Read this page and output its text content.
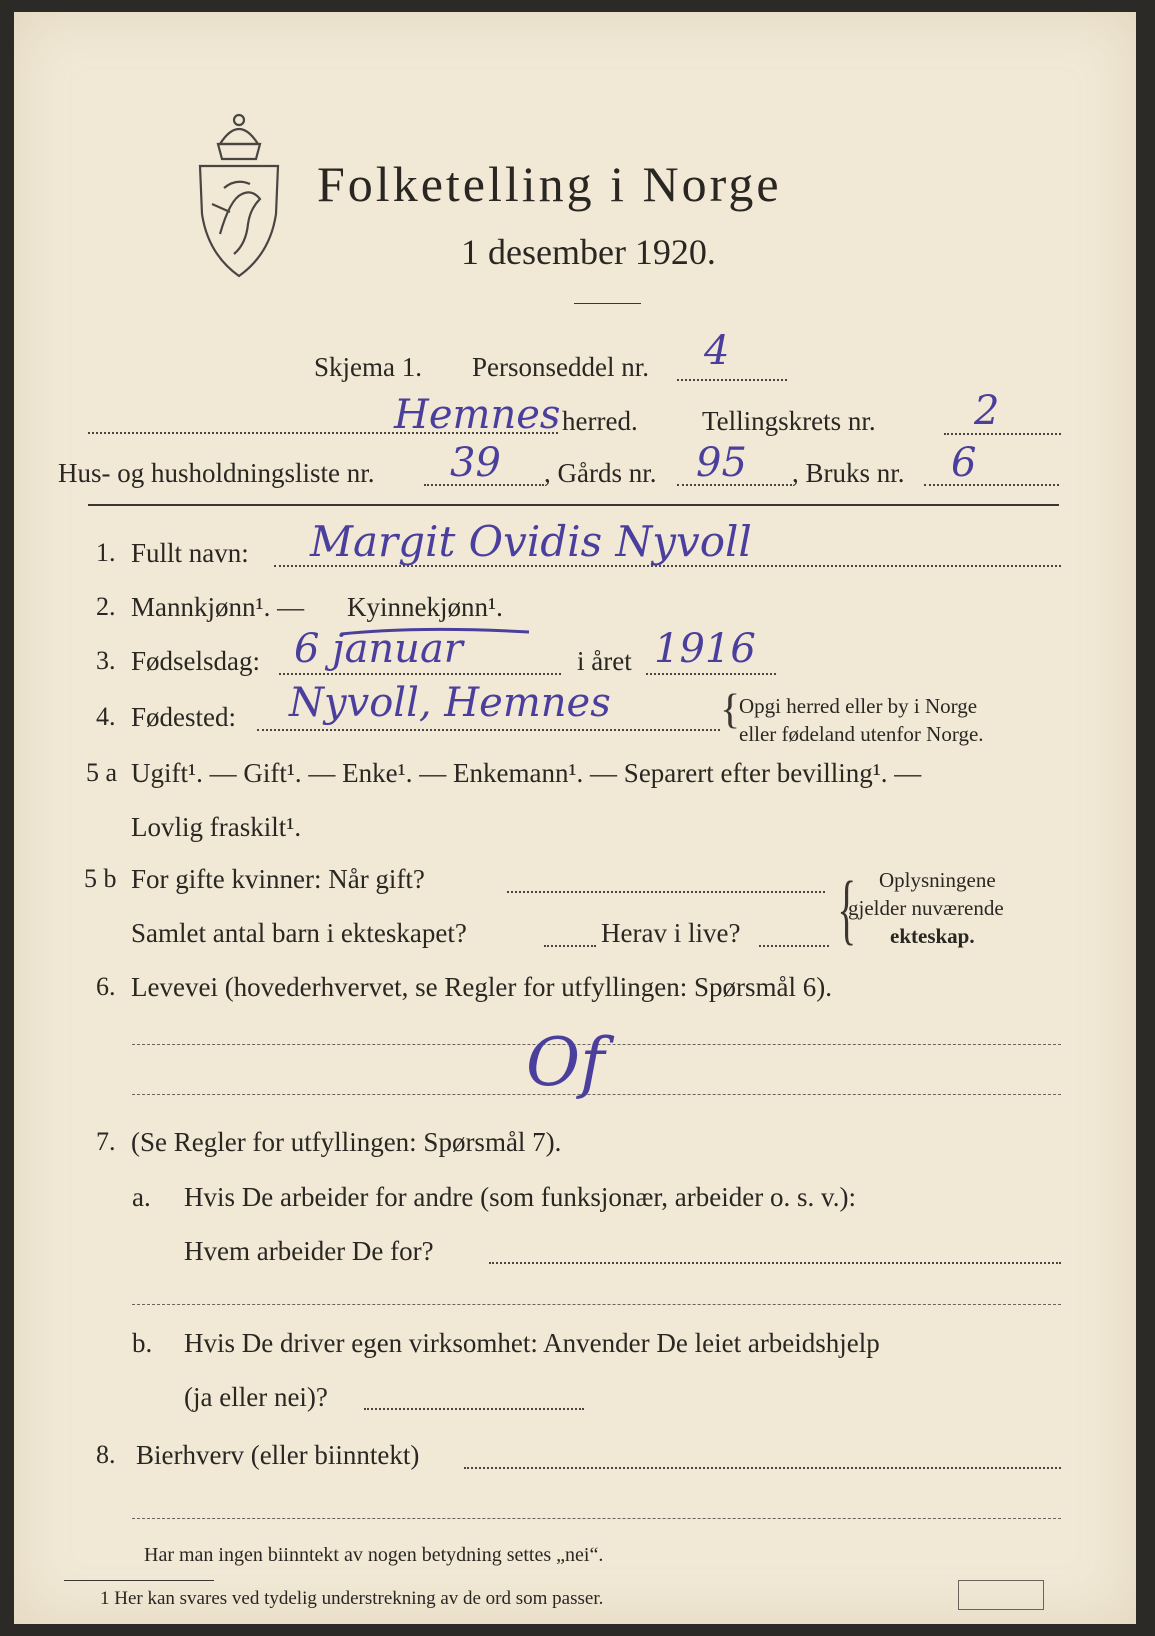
Folketelling i Norge
1 desember 1920.
Skjema 1. Personseddel nr. 4
Hemnes herred. Tellingskrets nr. 2
Hus- og husholdningsliste nr. 39 , Gårds nr. 95 , Bruks nr. 6
1. Fullt navn: Margit Ovidis Nyvoll
2. Mannkjønn¹. — Kyinnekjønn¹.
3. Fødselsdag: 6 januar	i året 1916
4. Fødested: Nyvoll, Hemnes	{
Opgi herred eller by i Norge
eller fødeland utenfor Norge.
5 a Ugift¹. — Gift¹. — Enke¹. — Enkemann¹. — Separert efter bevilling¹. —
Lovlig fraskilt¹.
5 b For gifte kvinner: Når gift?
Samlet antal barn i ekteskapet?	Herav i live? { Oplysningene
gjelder nuværende
ekteskap.
6. Levevei (hovederhvervet, se Regler for utfyllingen: Spørsmål 6).
Of
7. (Se Regler for utfyllingen: Spørsmål 7).
a. Hvis De arbeider for andre (som funksjonær, arbeider o. s. v.):
Hvem arbeider De for?
b. Hvis De driver egen virksomhet: Anvender De leiet arbeidshjelp
(ja eller nei)?
8. Bierhverv (eller biinntekt)
Har man ingen biinntekt av nogen betydning settes „nei“.
1 Her kan svares ved tydelig understrekning av de ord som passer.
